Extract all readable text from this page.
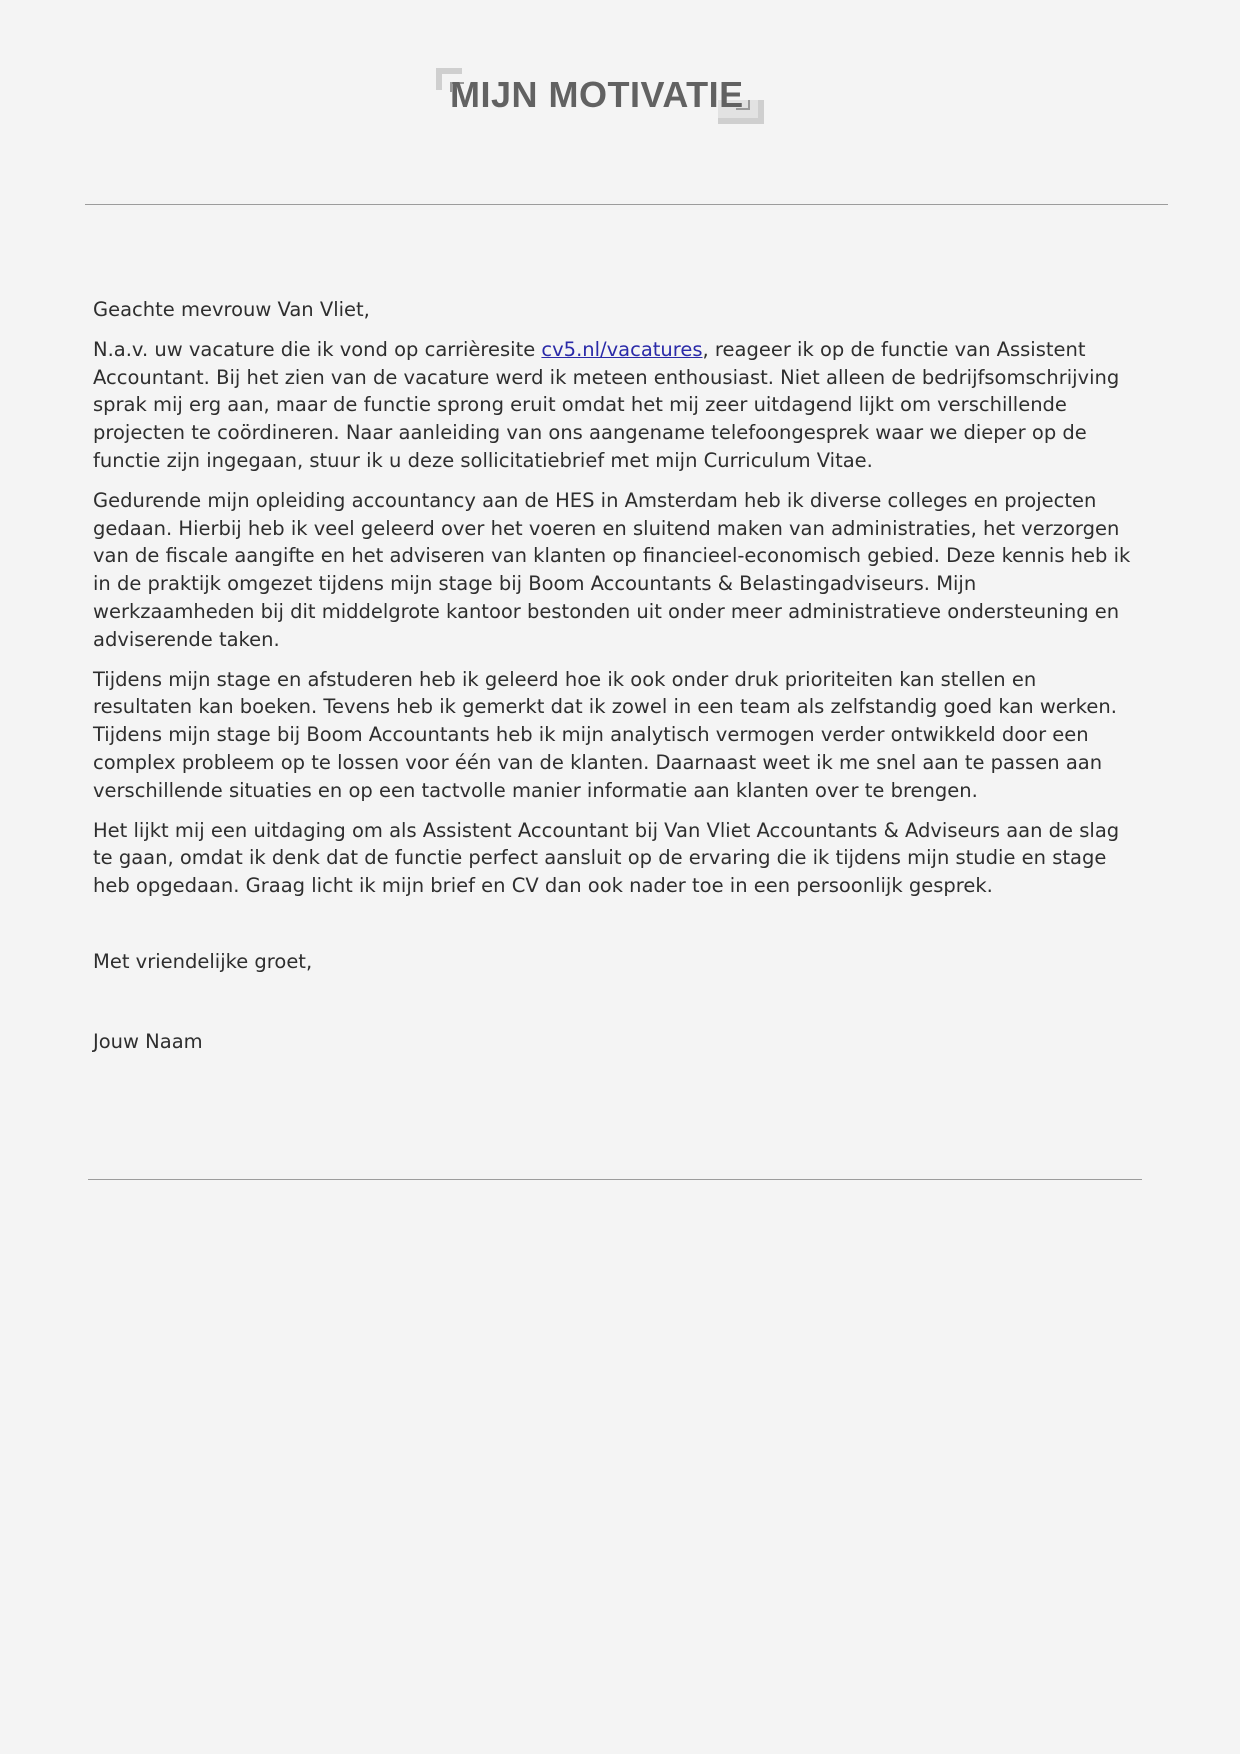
MIJN MOTIVATIE

Geachte mevrouw Van Vliet,

N.a.v. uw vacature die ik vond op carrièresite cv5.nl/vacatures, reageer ik op de functie van Assistent Accountant. Bij het zien van de vacature werd ik meteen enthousiast. Niet alleen de bedrijfsomschrijving sprak mij erg aan, maar de functie sprong eruit omdat het mij zeer uitdagend lijkt om verschillende projecten te coördineren. Naar aanleiding van ons aangename telefoongesprek waar we dieper op de functie zijn ingegaan, stuur ik u deze sollicitatiebrief met mijn Curriculum Vitae.

Gedurende mijn opleiding accountancy aan de HES in Amsterdam heb ik diverse colleges en projecten gedaan. Hierbij heb ik veel geleerd over het voeren en sluitend maken van administraties, het verzorgen van de fiscale aangifte en het adviseren van klanten op financieel-economisch gebied. Deze kennis heb ik in de praktijk omgezet tijdens mijn stage bij Boom Accountants & Belastingadviseurs. Mijn werkzaamheden bij dit middelgrote kantoor bestonden uit onder meer administratieve ondersteuning en adviserende taken.

Tijdens mijn stage en afstuderen heb ik geleerd hoe ik ook onder druk prioriteiten kan stellen en resultaten kan boeken. Tevens heb ik gemerkt dat ik zowel in een team als zelfstandig goed kan werken. Tijdens mijn stage bij Boom Accountants heb ik mijn analytisch vermogen verder ontwikkeld door een complex probleem op te lossen voor één van de klanten. Daarnaast weet ik me snel aan te passen aan verschillende situaties en op een tactvolle manier informatie aan klanten over te brengen.

Het lijkt mij een uitdaging om als Assistent Accountant bij Van Vliet Accountants & Adviseurs aan de slag te gaan, omdat ik denk dat de functie perfect aansluit op de ervaring die ik tijdens mijn studie en stage heb opgedaan. Graag licht ik mijn brief en CV dan ook nader toe in een persoonlijk gesprek.

Met vriendelijke groet,

Jouw Naam
